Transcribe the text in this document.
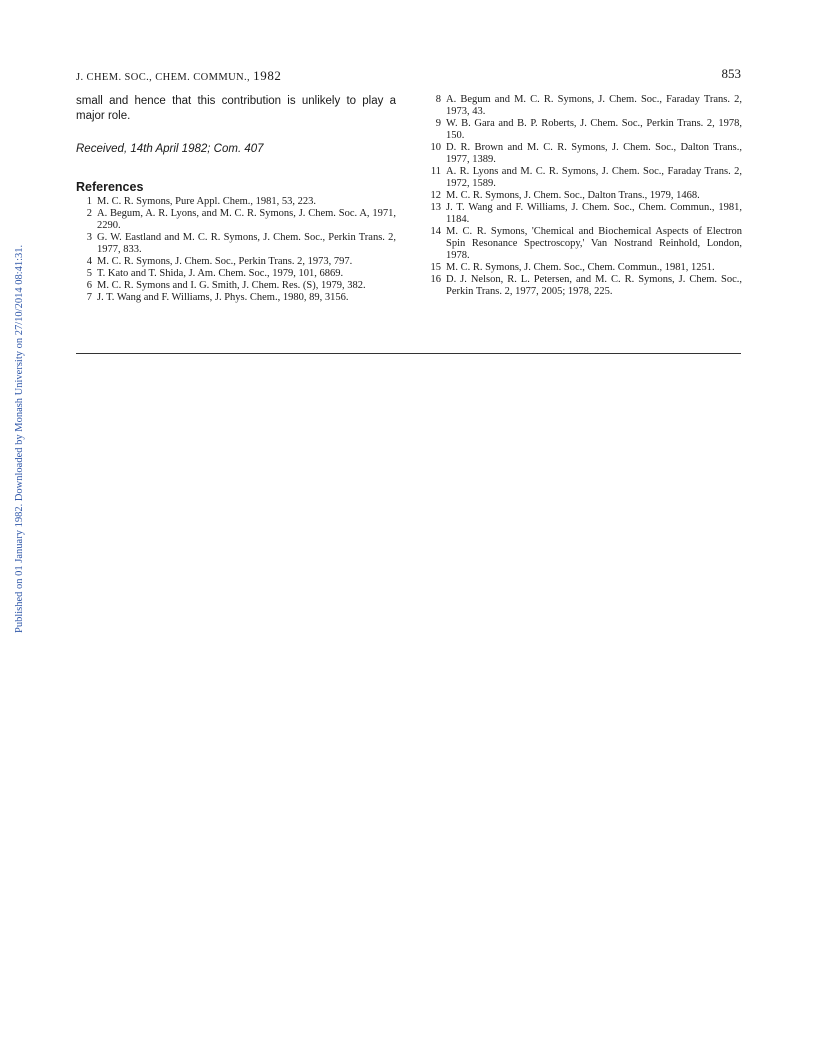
Published on 01 January 1982. Downloaded by Monash University on 27/10/2014 08:41:31.
J. CHEM. SOC., CHEM. COMMUN., 1982	853

small and hence that this contribution is unlikely to play a major role.

Received, 14th April 1982; Com. 407

References
1 M. C. R. Symons, Pure Appl. Chem., 1981, 53, 223.
2 A. Begum, A. R. Lyons, and M. C. R. Symons, J. Chem. Soc. A, 1971, 2290.
3 G. W. Eastland and M. C. R. Symons, J. Chem. Soc., Perkin Trans. 2, 1977, 833.
4 M. C. R. Symons, J. Chem. Soc., Perkin Trans. 2, 1973, 797.
5 T. Kato and T. Shida, J. Am. Chem. Soc., 1979, 101, 6869.
6 M. C. R. Symons and I. G. Smith, J. Chem. Res. (S), 1979, 382.
7 J. T. Wang and F. Williams, J. Phys. Chem., 1980, 89, 3156.
8 A. Begum and M. C. R. Symons, J. Chem. Soc., Faraday Trans. 2, 1973, 43.
9 W. B. Gara and B. P. Roberts, J. Chem. Soc., Perkin Trans. 2, 1978, 150.
10 D. R. Brown and M. C. R. Symons, J. Chem. Soc., Dalton Trans., 1977, 1389.
11 A. R. Lyons and M. C. R. Symons, J. Chem. Soc., Faraday Trans. 2, 1972, 1589.
12 M. C. R. Symons, J. Chem. Soc., Dalton Trans., 1979, 1468.
13 J. T. Wang and F. Williams, J. Chem. Soc., Chem. Commun., 1981, 1184.
14 M. C. R. Symons, 'Chemical and Biochemical Aspects of Electron Spin Resonance Spectroscopy,' Van Nostrand Reinhold, London, 1978.
15 M. C. R. Symons, J. Chem. Soc., Chem. Commun., 1981, 1251.
16 D. J. Nelson, R. L. Petersen, and M. C. R. Symons, J. Chem. Soc., Perkin Trans. 2, 1977, 2005; 1978, 225.
